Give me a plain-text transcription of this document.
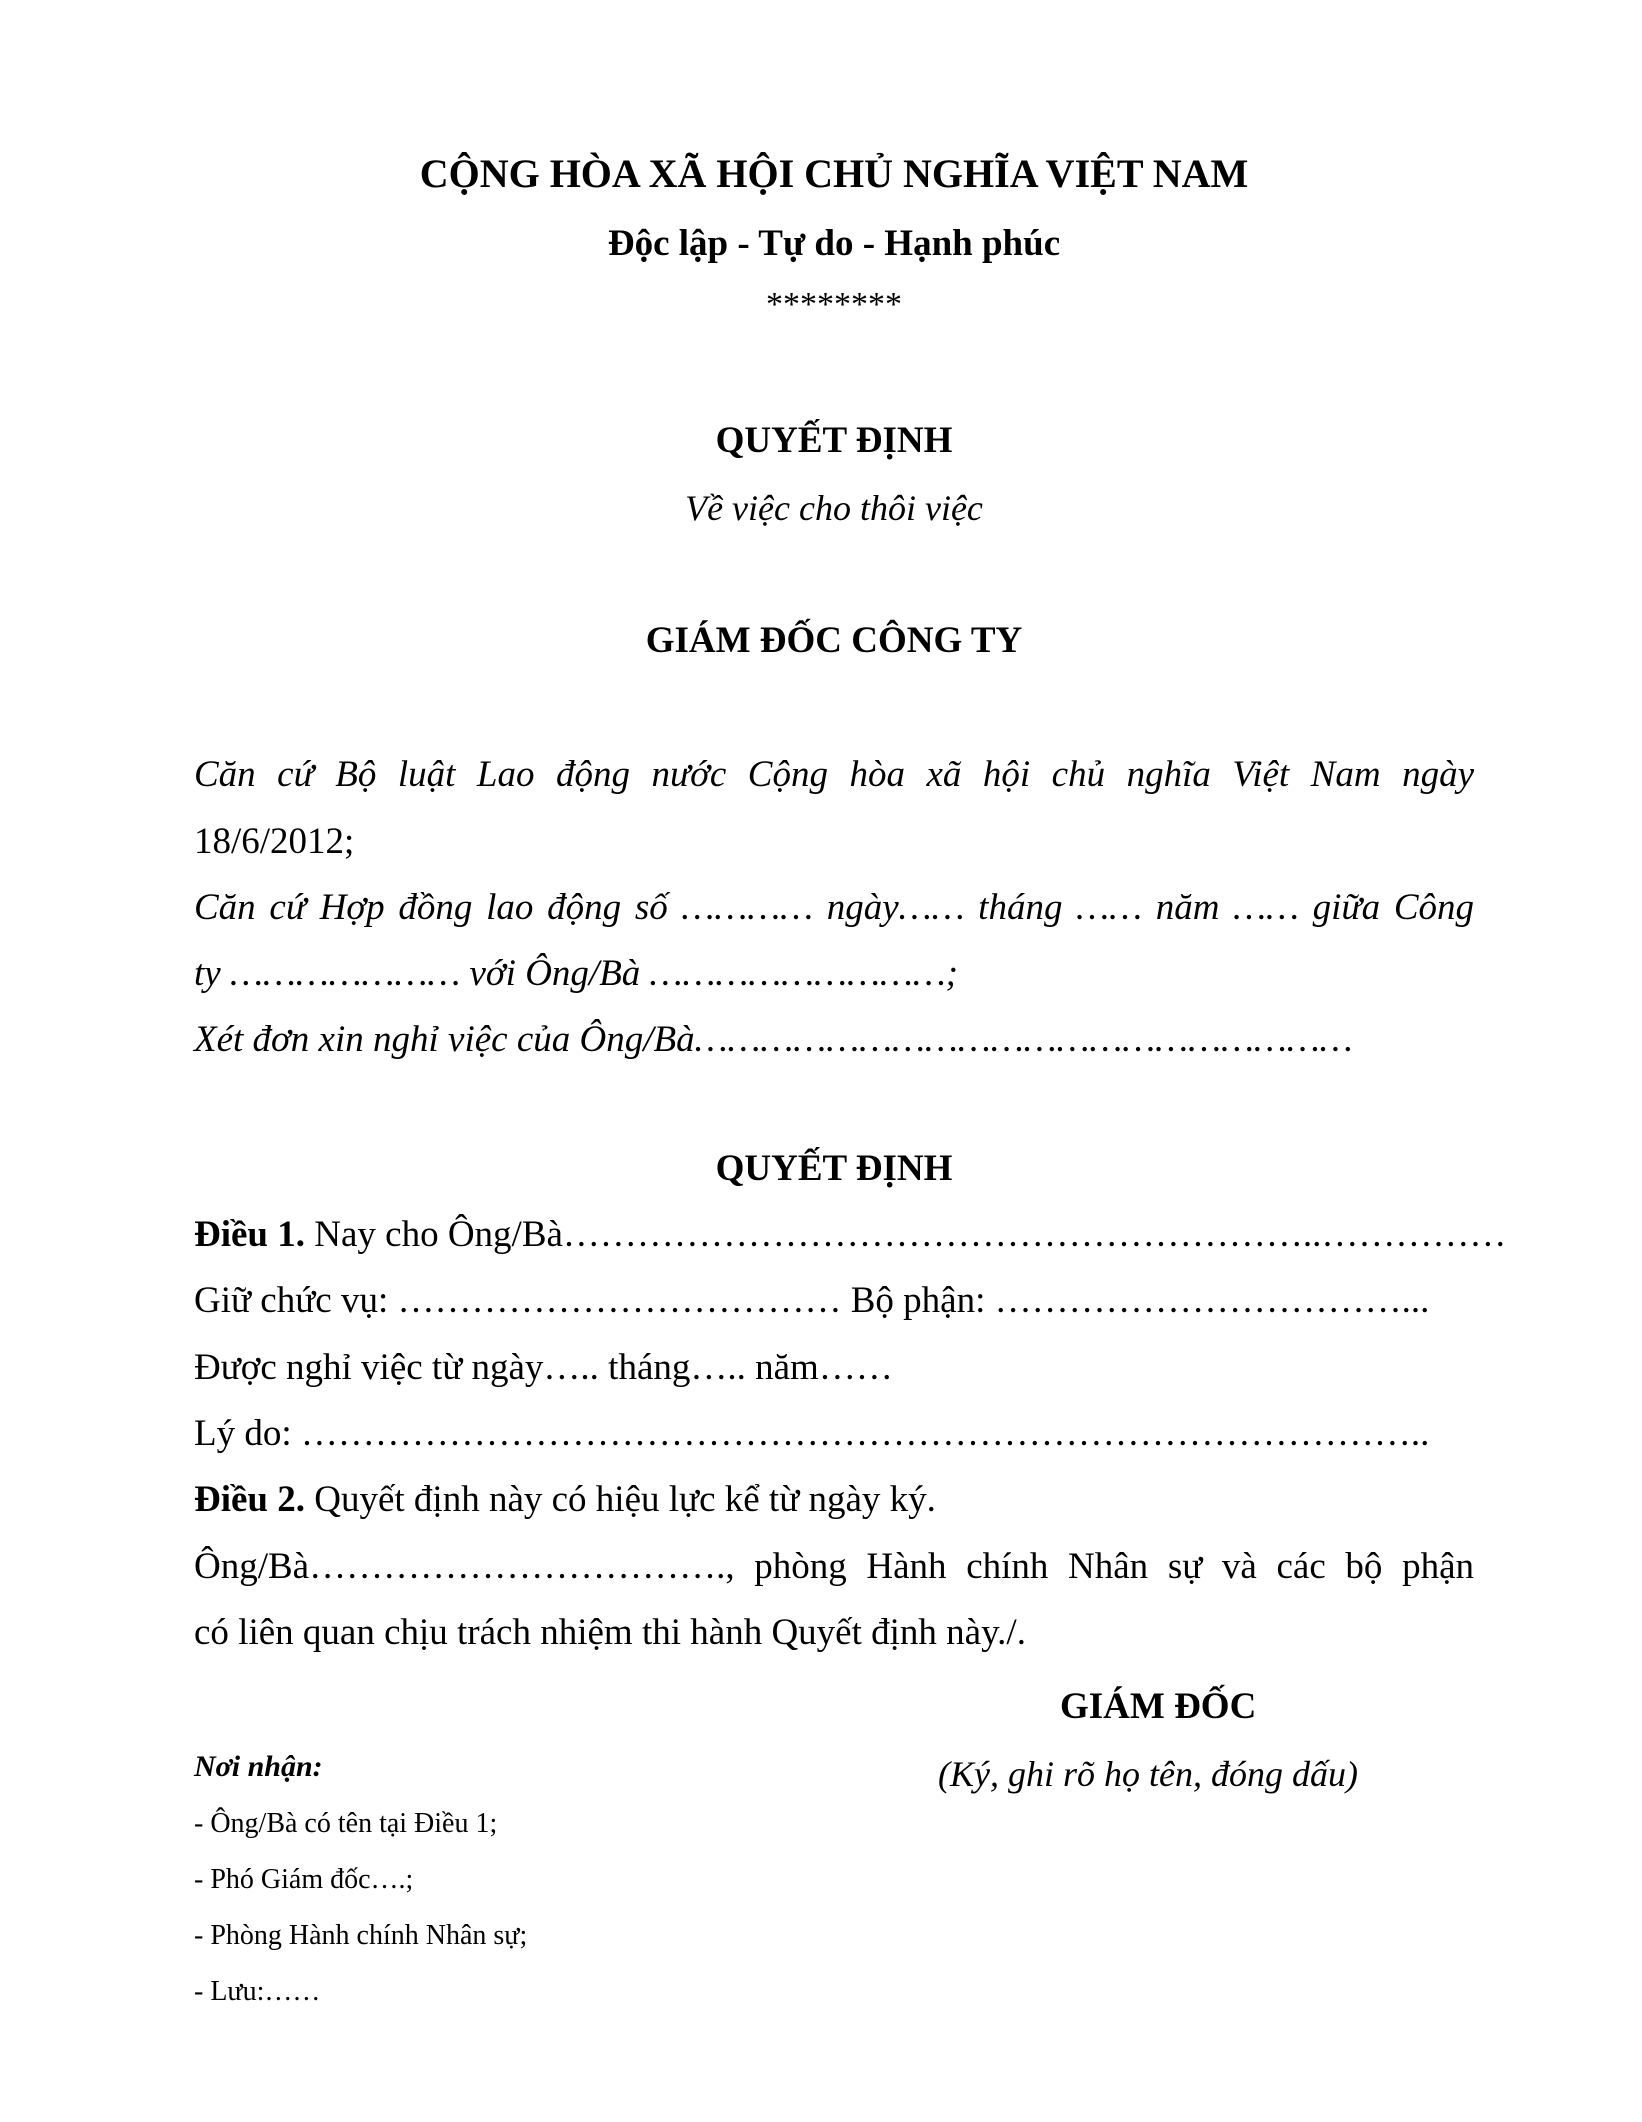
CỘNG HÒA XÃ HỘI CHỦ NGHĨA VIỆT NAM
Độc lập - Tự do - Hạnh phúc
********
QUYẾT ĐỊNH
Về việc cho thôi việc
GIÁM ĐỐC CÔNG TY
Căn cứ Bộ luật Lao động nước Cộng hòa xã hội chủ nghĩa Việt Nam ngày
18/6/2012;
Căn cứ Hợp đồng lao động số ………… ngày…… tháng …… năm …… giữa Công
ty ………………… với Ông/Bà ………………………;
Xét đơn xin nghỉ việc của Ông/Bà……………………………………………………
QUYẾT ĐỊNH
Điều 1. Nay cho Ông/Bà……………………………………………………..……………
Giữ chức vụ: ……………………………… Bộ phận: ……………………………...
Được nghỉ việc từ ngày….. tháng….. năm……
Lý do: ………………………………………………………………………………..
Điều 2. Quyết định này có hiệu lực kể từ ngày ký.
Ông/Bà……………………………., phòng Hành chính Nhân sự và các bộ phận
có liên quan chịu trách nhiệm thi hành Quyết định này./.
GIÁM ĐỐC
(Ký, ghi rõ họ tên, đóng dấu)
Nơi nhận:
- Ông/Bà có tên tại Điều 1;
- Phó Giám đốc….;
- Phòng Hành chính Nhân sự;
- Lưu:……
